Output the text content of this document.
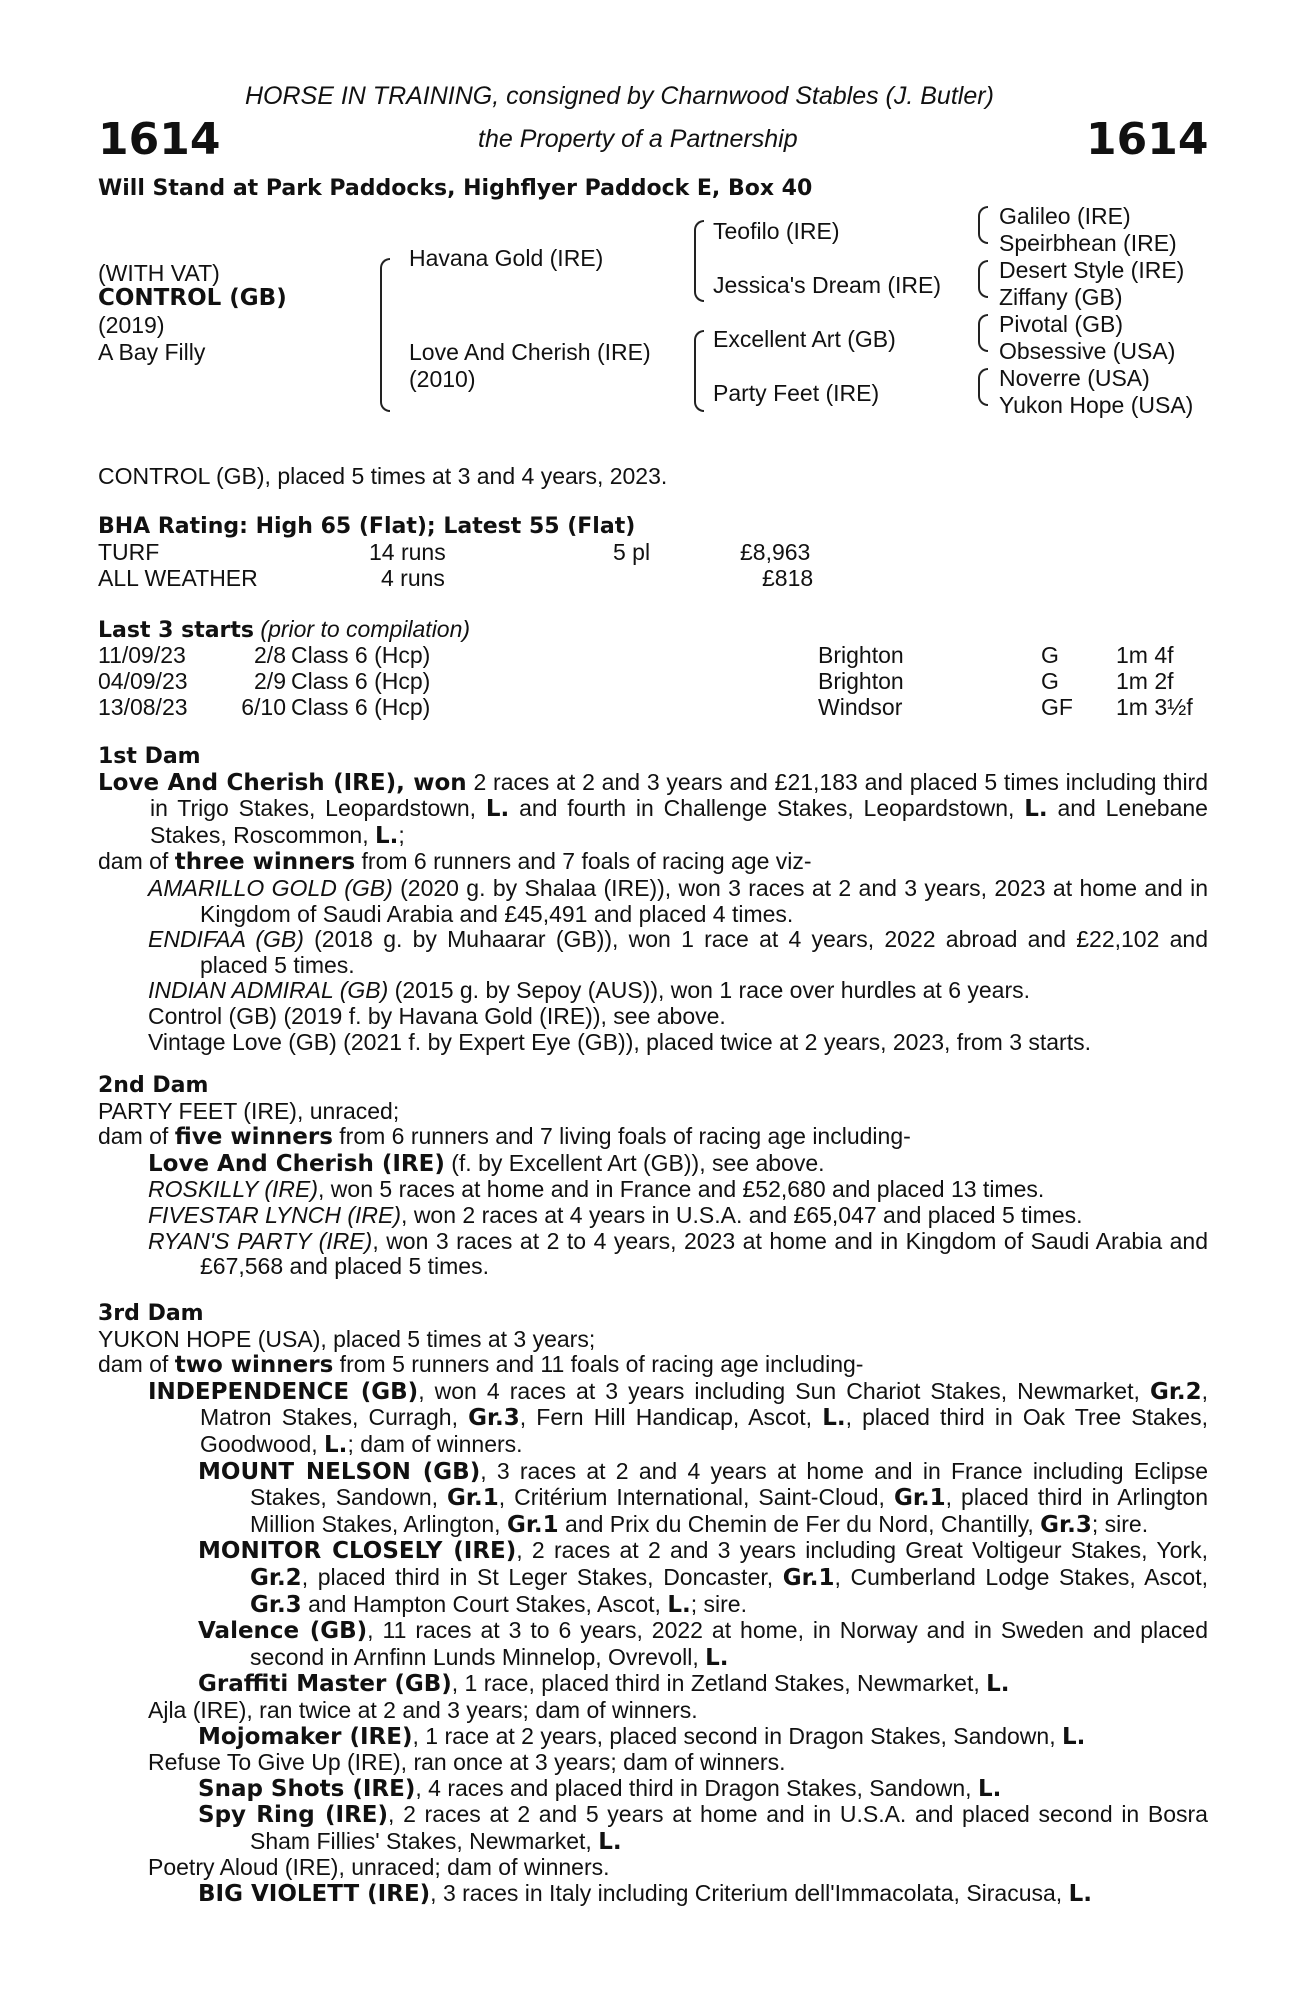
HORSE IN TRAINING, consigned by Charnwood Stables (J. Butler)
1614	the Property of a Partnership	1614
Will Stand at Park Paddocks, Highflyer Paddock E, Box 40
(WITH VAT)
CONTROL (GB)
(2019)
A Bay Filly
Havana Gold (IRE)
Love And Cherish (IRE)
(2010)
Teofilo (IRE)
Jessica's Dream (IRE)
Excellent Art (GB)
Party Feet (IRE)
Galileo (IRE)
Speirbhean (IRE)
Desert Style (IRE)
Ziffany (GB)
Pivotal (GB)
Obsessive (USA)
Noverre (USA)
Yukon Hope (USA)
CONTROL (GB), placed 5 times at 3 and 4 years, 2023.
BHA Rating: High 65 (Flat); Latest 55 (Flat)
TURF	14 runs	5 pl	£8,963
ALL WEATHER	4 runs	£818
Last 3 starts (prior to compilation)
11/09/23	2/8 Class 6 (Hcp)	Brighton	G 1m 4f
04/09/23	2/9 Class 6 (Hcp)	Brighton	G 1m 2f
13/08/23 6/10 Class 6 (Hcp)	Windsor	GF 1m 3½f
1st Dam
Love And Cherish (IRE), won 2 races at 2 and 3 years and £21,183 and placed 5 times including third in Trigo Stakes, Leopardstown, L. and fourth in Challenge Stakes, Leopardstown, L. and Lenebane Stakes, Roscommon, L.;
dam of three winners from 6 runners and 7 foals of racing age viz-
AMARILLO GOLD (GB) (2020 g. by Shalaa (IRE)), won 3 races at 2 and 3 years, 2023 at home and in Kingdom of Saudi Arabia and £45,491 and placed 4 times.
ENDIFAA (GB) (2018 g. by Muhaarar (GB)), won 1 race at 4 years, 2022 abroad and £22,102 and placed 5 times.
INDIAN ADMIRAL (GB) (2015 g. by Sepoy (AUS)), won 1 race over hurdles at 6 years.
Control (GB) (2019 f. by Havana Gold (IRE)), see above.
Vintage Love (GB) (2021 f. by Expert Eye (GB)), placed twice at 2 years, 2023, from 3 starts.
2nd Dam
PARTY FEET (IRE), unraced;
dam of five winners from 6 runners and 7 living foals of racing age including-
Love And Cherish (IRE) (f. by Excellent Art (GB)), see above.
ROSKILLY (IRE), won 5 races at home and in France and £52,680 and placed 13 times.
FIVESTAR LYNCH (IRE), won 2 races at 4 years in U.S.A. and £65,047 and placed 5 times.
RYAN'S PARTY (IRE), won 3 races at 2 to 4 years, 2023 at home and in Kingdom of Saudi Arabia and £67,568 and placed 5 times.
3rd Dam
YUKON HOPE (USA), placed 5 times at 3 years;
dam of two winners from 5 runners and 11 foals of racing age including-
INDEPENDENCE (GB), won 4 races at 3 years including Sun Chariot Stakes, Newmarket, Gr.2, Matron Stakes, Curragh, Gr.3, Fern Hill Handicap, Ascot, L., placed third in Oak Tree Stakes, Goodwood, L.; dam of winners.
MOUNT NELSON (GB), 3 races at 2 and 4 years at home and in France including Eclipse Stakes, Sandown, Gr.1, Critérium International, Saint-Cloud, Gr.1, placed third in Arlington Million Stakes, Arlington, Gr.1 and Prix du Chemin de Fer du Nord, Chantilly, Gr.3; sire.
MONITOR CLOSELY (IRE), 2 races at 2 and 3 years including Great Voltigeur Stakes, York, Gr.2, placed third in St Leger Stakes, Doncaster, Gr.1, Cumberland Lodge Stakes, Ascot, Gr.3 and Hampton Court Stakes, Ascot, L.; sire.
Valence (GB), 11 races at 3 to 6 years, 2022 at home, in Norway and in Sweden and placed second in Arnfinn Lunds Minnelop, Ovrevoll, L.
Graffiti Master (GB), 1 race, placed third in Zetland Stakes, Newmarket, L.
Ajla (IRE), ran twice at 2 and 3 years; dam of winners.
Mojomaker (IRE), 1 race at 2 years, placed second in Dragon Stakes, Sandown, L.
Refuse To Give Up (IRE), ran once at 3 years; dam of winners.
Snap Shots (IRE), 4 races and placed third in Dragon Stakes, Sandown, L.
Spy Ring (IRE), 2 races at 2 and 5 years at home and in U.S.A. and placed second in Bosra Sham Fillies' Stakes, Newmarket, L.
Poetry Aloud (IRE), unraced; dam of winners.
BIG VIOLETT (IRE), 3 races in Italy including Criterium dell'Immacolata, Siracusa, L.
